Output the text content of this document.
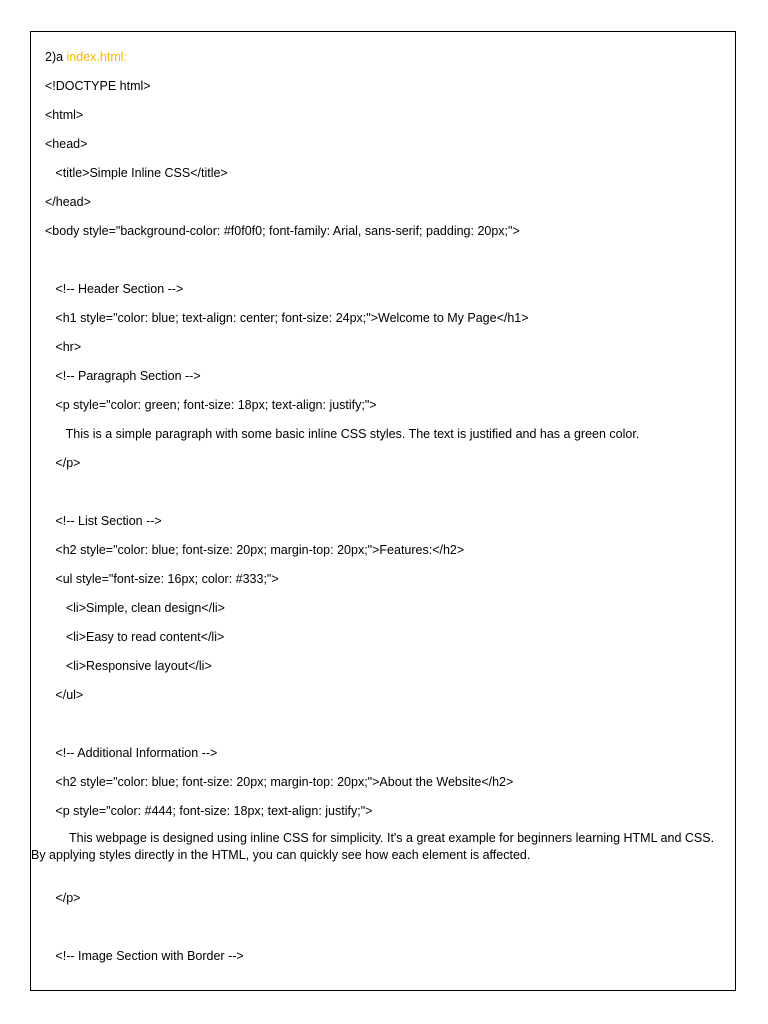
2)a index.html:
<!DOCTYPE html>
<html>
<head>
<title>Simple Inline CSS</title>
</head>
<body style="background-color: #f0f0f0; font-family: Arial, sans-serif; padding: 20px;">
<!-- Header Section -->
<h1 style="color: blue; text-align: center; font-size: 24px;">Welcome to My Page</h1>
<hr>
<!-- Paragraph Section -->
<p style="color: green; font-size: 18px; text-align: justify;">
This is a simple paragraph with some basic inline CSS styles. The text is justified and has a green color.
</p>
<!-- List Section -->
<h2 style="color: blue; font-size: 20px; margin-top: 20px;">Features:</h2>
<ul style="font-size: 16px; color: #333;">
<li>Simple, clean design</li>
<li>Easy to read content</li>
<li>Responsive layout</li>
</ul>
<!-- Additional Information -->
<h2 style="color: blue; font-size: 20px; margin-top: 20px;">About the Website</h2>
<p style="color: #444; font-size: 18px; text-align: justify;">
This webpage is designed using inline CSS for simplicity. It's a great example for beginners learning HTML and CSS. By applying styles directly in the HTML, you can quickly see how each element is affected.
</p>
<!-- Image Section with Border -->
